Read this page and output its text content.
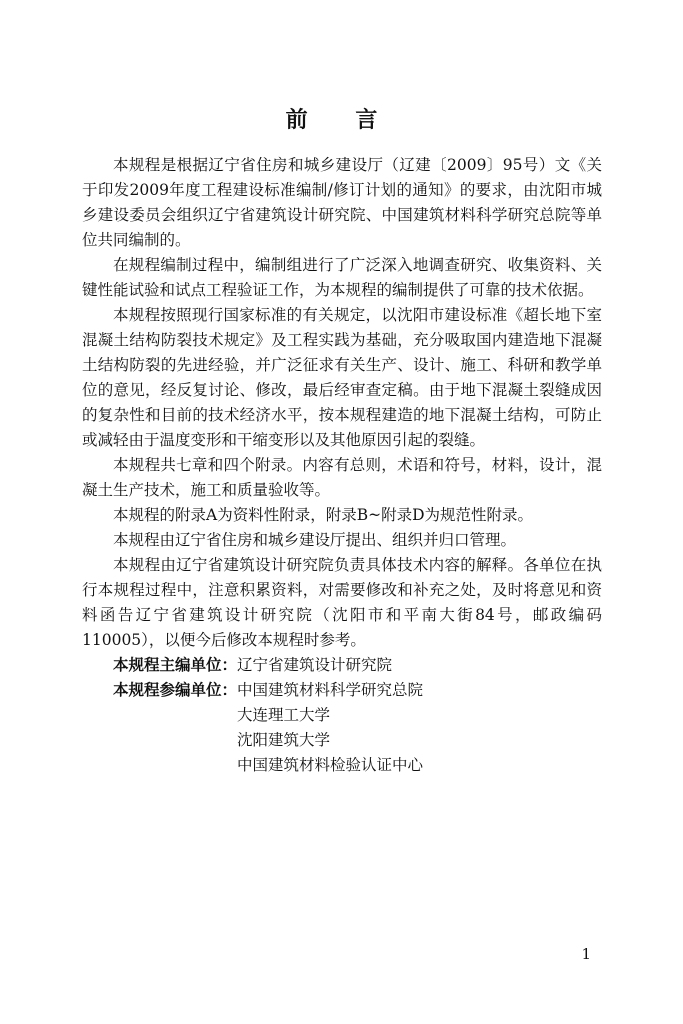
前 言

本规程是根据辽宁省住房和城乡建设厅（辽建〔2009〕95号）文《关于印发2009年度工程建设标准编制/修订计划的通知》的要求，由沈阳市城乡建设委员会组织辽宁省建筑设计研究院、中国建筑材料科学研究总院等单位共同编制的。

在规程编制过程中，编制组进行了广泛深入地调查研究、收集资料、关键性能试验和试点工程验证工作，为本规程的编制提供了可靠的技术依据。

本规程按照现行国家标准的有关规定，以沈阳市建设标准《超长地下室混凝土结构防裂技术规定》及工程实践为基础，充分吸取国内建造地下混凝土结构防裂的先进经验，并广泛征求有关生产、设计、施工、科研和教学单位的意见，经反复讨论、修改，最后经审查定稿。由于地下混凝土裂缝成因的复杂性和目前的技术经济水平，按本规程建造的地下混凝土结构，可防止或减轻由于温度变形和干缩变形以及其他原因引起的裂缝。

本规程共七章和四个附录。内容有总则，术语和符号，材料，设计，混凝土生产技术，施工和质量验收等。

本规程的附录A为资料性附录，附录B~附录D为规范性附录。

本规程由辽宁省住房和城乡建设厅提出、组织并归口管理。

本规程由辽宁省建筑设计研究院负责具体技术内容的解释。各单位在执行本规程过程中，注意积累资料，对需要修改和补充之处，及时将意见和资料函告辽宁省建筑设计研究院（沈阳市和平南大街84号，邮政编码110005），以便今后修改本规程时参考。

本规程主编单位： 辽宁省建筑设计研究院
本规程参编单位： 中国建筑材料科学研究总院
大连理工大学
沈阳建筑大学
中国建筑材料检验认证中心
1
